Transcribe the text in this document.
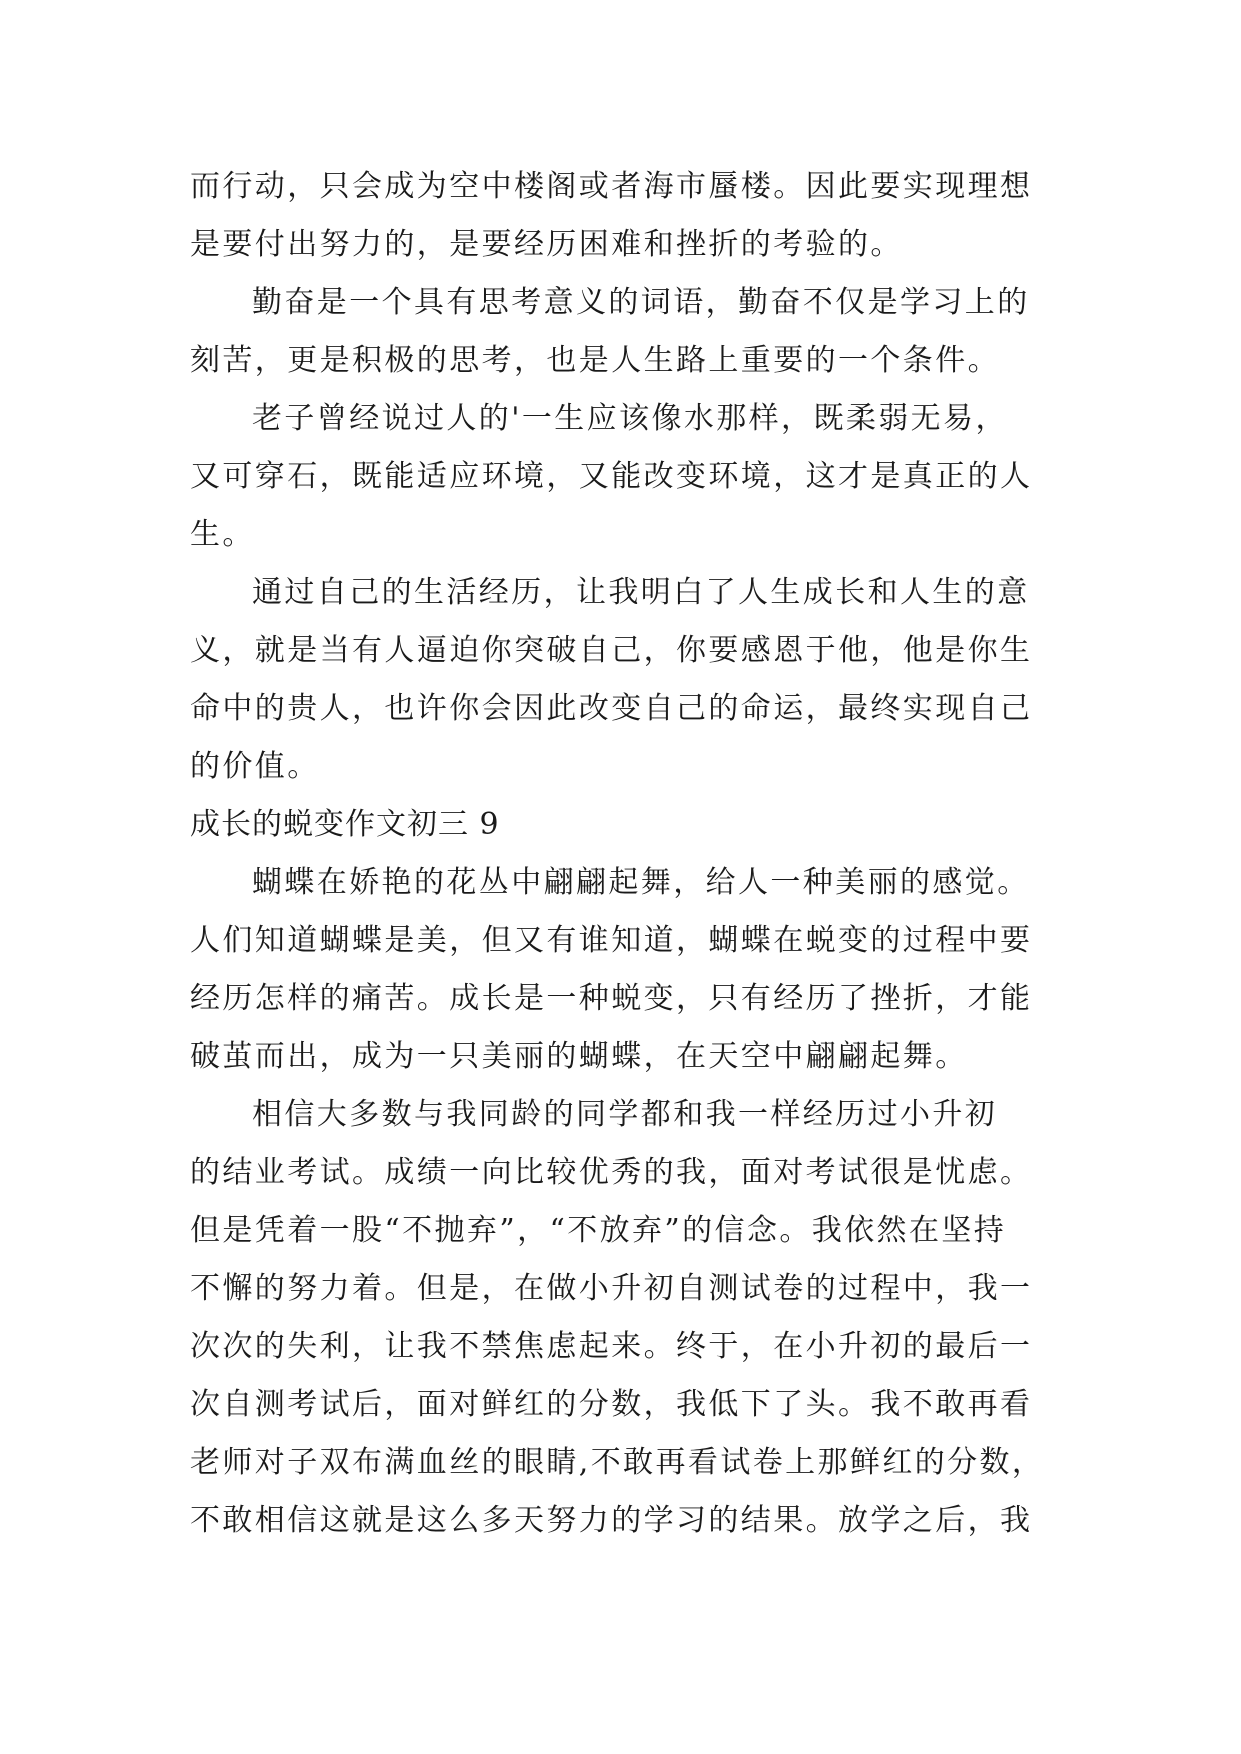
而行动，只会成为空中楼阁或者海市蜃楼。因此要实现理想
是要付出努力的，是要经历困难和挫折的考验的。
勤奋是一个具有思考意义的词语，勤奋不仅是学习上的
刻苦，更是积极的思考，也是人生路上重要的一个条件。
老子曾经说过人的'一生应该像水那样，既柔弱无易，
又可穿石，既能适应环境，又能改变环境，这才是真正的人
生。
通过自己的生活经历，让我明白了人生成长和人生的意
义，就是当有人逼迫你突破自己，你要感恩于他，他是你生
命中的贵人，也许你会因此改变自己的命运，最终实现自己
的价值。
成长的蜕变作文初三 9
蝴蝶在娇艳的花丛中翩翩起舞，给人一种美丽的感觉。
人们知道蝴蝶是美，但又有谁知道，蝴蝶在蜕变的过程中要
经历怎样的痛苦。成长是一种蜕变，只有经历了挫折，才能
破茧而出，成为一只美丽的蝴蝶，在天空中翩翩起舞。
相信大多数与我同龄的同学都和我一样经历过小升初
的结业考试。成绩一向比较优秀的我，面对考试很是忧虑。
但是凭着一股“不抛弃”，“不放弃”的信念。我依然在坚持
不懈的努力着。但是，在做小升初自测试卷的过程中，我一
次次的失利，让我不禁焦虑起来。终于，在小升初的最后一
次自测考试后，面对鲜红的分数，我低下了头。我不敢再看
老师对子双布满血丝的眼睛,不敢再看试卷上那鲜红的分数，
不敢相信这就是这么多天努力的学习的结果。放学之后，我
